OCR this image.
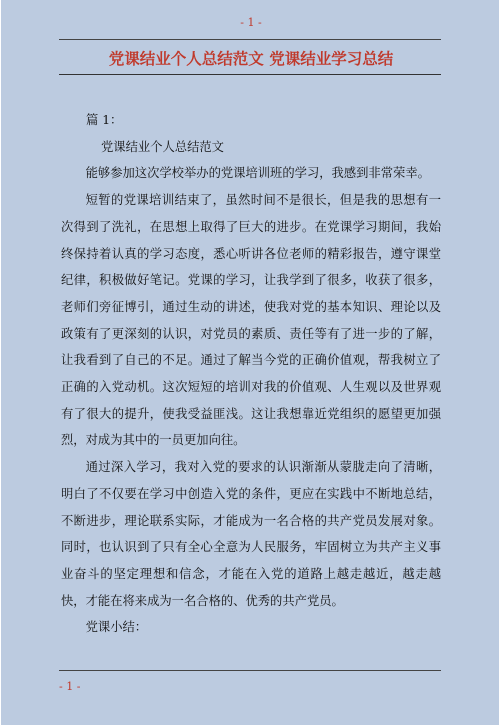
- 1 -
党课结业个人总结范文 党课结业学习总结

篇 1：

党课结业个人总结范文

能够参加这次学校举办的党课培训班的学习，我感到非常荣幸。

短暂的党课培训结束了，虽然时间不是很长，但是我的思想有一次得到了洗礼，在思想上取得了巨大的进步。在党课学习期间，我始终保持着认真的学习态度，悉心听讲各位老师的精彩报告，遵守课堂纪律，积极做好笔记。党课的学习，让我学到了很多，收获了很多，老师们旁征博引，通过生动的讲述，使我对党的基本知识、理论以及政策有了更深刻的认识，对党员的素质、责任等有了进一步的了解，让我看到了自己的不足。通过了解当今党的正确价值观，帮我树立了正确的入党动机。这次短短的培训对我的价值观、人生观以及世界观有了很大的提升，使我受益匪浅。这让我想靠近党组织的愿望更加强烈，对成为其中的一员更加向往。

通过深入学习，我对入党的要求的认识渐渐从蒙胧走向了清晰，明白了不仅要在学习中创造入党的条件，更应在实践中不断地总结，不断进步，理论联系实际，才能成为一名合格的共产党员发展对象。同时，也认识到了只有全心全意为人民服务，牢固树立为共产主义事业奋斗的坚定理想和信念，才能在入党的道路上越走越近，越走越快，才能在将来成为一名合格的、优秀的共产党员。

党课小结：

- 1 -
